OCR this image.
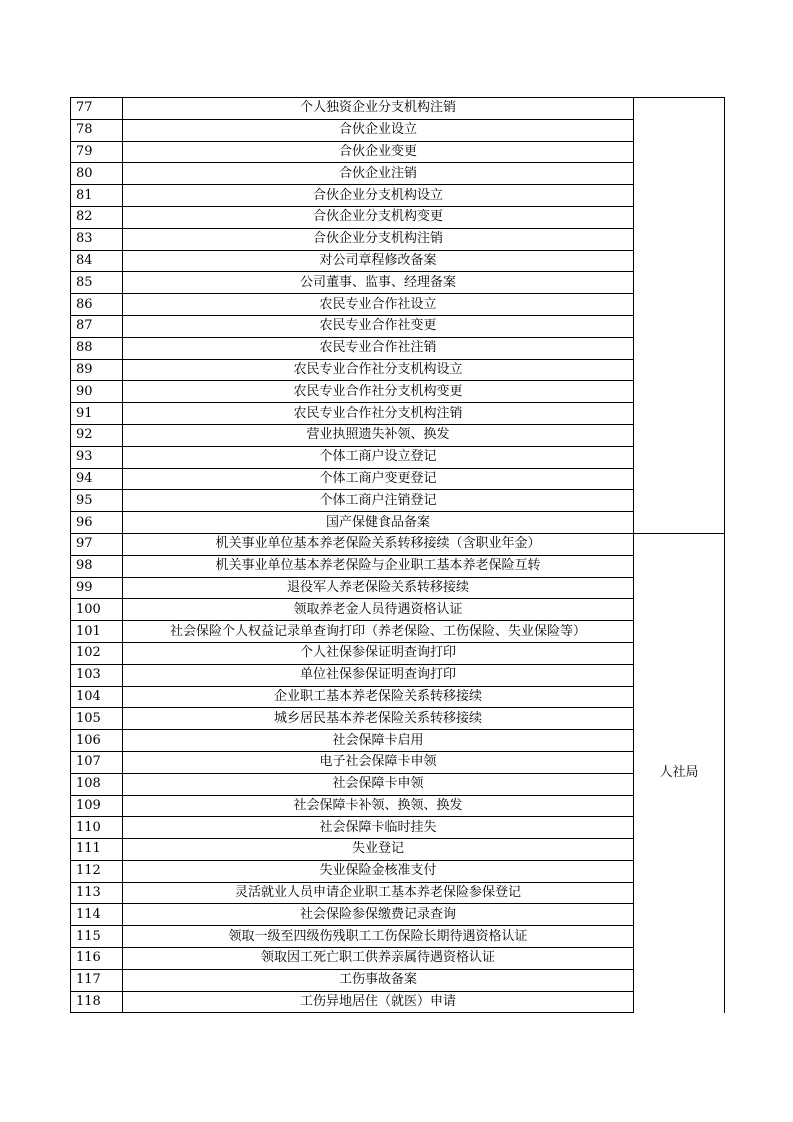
77	个人独资企业分支机构注销	
78	合伙企业设立	
79	合伙企业变更	
80	合伙企业注销	
81	合伙企业分支机构设立	
82	合伙企业分支机构变更	
83	合伙企业分支机构注销	
84	对公司章程修改备案	
85	公司董事、监事、经理备案	
86	农民专业合作社设立	
87	农民专业合作社变更	
88	农民专业合作社注销	
89	农民专业合作社分支机构设立	
90	农民专业合作社分支机构变更	
91	农民专业合作社分支机构注销	
92	营业执照遗失补领、换发	
93	个体工商户设立登记	
94	个体工商户变更登记	
95	个体工商户注销登记	
96	国产保健食品备案	
97	机关事业单位基本养老保险关系转移接续（含职业年金）	人社局
98	机关事业单位基本养老保险与企业职工基本养老保险互转	
99	退役军人养老保险关系转移接续	
100	领取养老金人员待遇资格认证	
101	社会保险个人权益记录单查询打印（养老保险、工伤保险、失业保险等）	
102	个人社保参保证明查询打印	
103	单位社保参保证明查询打印	
104	企业职工基本养老保险关系转移接续	
105	城乡居民基本养老保险关系转移接续	
106	社会保障卡启用	
107	电子社会保障卡申领	
108	社会保障卡申领	
109	社会保障卡补领、换领、换发	
110	社会保障卡临时挂失	
111	失业登记	
112	失业保险金核准支付	
113	灵活就业人员申请企业职工基本养老保险参保登记	
114	社会保险参保缴费记录查询	
115	领取一级至四级伤残职工工伤保险长期待遇资格认证	
116	领取因工死亡职工供养亲属待遇资格认证	
117	工伤事故备案	
118	工伤异地居住（就医）申请	
